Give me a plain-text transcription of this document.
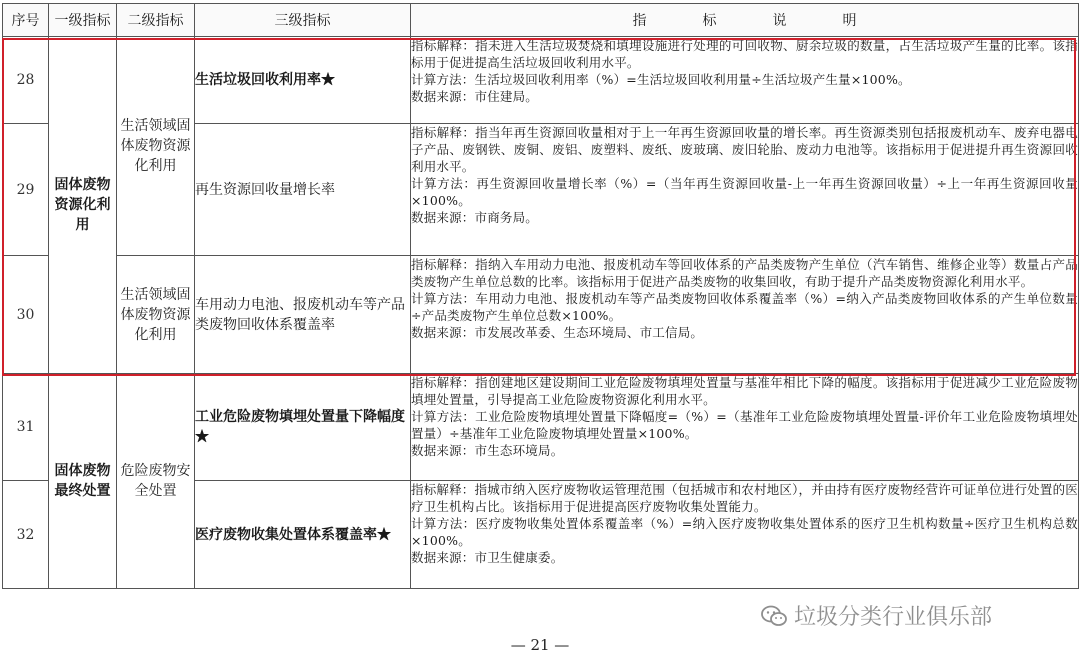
序号	一级指标	二级指标	三级指标	指　　　　标　　　　说　　　　明
28	固体废物资源化利用	生活领域固体废物资源化利用	生活垃圾回收利用率★	指标解释：指未进入生活垃圾焚烧和填埋设施进行处理的可回收物、厨余垃圾的数量，占生活垃圾产生量的比率。该指标用于促进提高生活垃圾回收利用水平。

计算方法：生活垃圾回收利用率（%）=生活垃圾回收利用量÷生活垃圾产生量×100%。

数据来源：市住建局。

29			再生资源回收量增长率	指标解释：指当年再生资源回收量相对于上一年再生资源回收量的增长率。再生资源类别包括报废机动车、废弃电器电子产品、废钢铁、废铜、废铝、废塑料、废纸、废玻璃、废旧轮胎、废动力电池等。该指标用于促进提升再生资源回收利用水平。

计算方法：再生资源回收量增长率（%）=（当年再生资源回收量-上一年再生资源回收量）÷上一年再生资源回收量×100%。

数据来源：市商务局。

30		生活领域固体废物资源化利用	车用动力电池、报废机动车等产品类废物回收体系覆盖率	指标解释：指纳入车用动力电池、报废机动车等回收体系的产品类废物产生单位（汽车销售、维修企业等）数量占产品类废物产生单位总数的比率。该指标用于促进产品类废物的收集回收，有助于提升产品类废物资源化利用水平。

计算方法：车用动力电池、报废机动车等产品类废物回收体系覆盖率（%）=纳入产品类废物回收体系的产生单位数量÷产品类废物产生单位总数×100%。

数据来源：市发展改革委、生态环境局、市工信局。

31	固体废物最终处置	危险废物安全处置	工业危险废物填埋处置量下降幅度★	指标解释：指创建地区建设期间工业危险废物填埋处置量与基准年相比下降的幅度。该指标用于促进减少工业危险废物填埋处置量，引导提高工业危险废物资源化利用水平。

计算方法：工业危险废物填埋处置量下降幅度=（%）=（基准年工业危险废物填埋处置量-评价年工业危险废物填埋处置量）÷基准年工业危险废物填埋处置量×100%。

数据来源：市生态环境局。

32			医疗废物收集处置体系覆盖率★	指标解释：指城市纳入医疗废物收运管理范围（包括城市和农村地区），并由持有医疗废物经营许可证单位进行处置的医疗卫生机构占比。该指标用于促进提高医疗废物收集处置能力。

计算方法：医疗废物收集处置体系覆盖率（%）=纳入医疗废物收集处置体系的医疗卫生机构数量÷医疗卫生机构总数×100%。

数据来源：市卫生健康委。

垃圾分类行业俱乐部
— 21 —
